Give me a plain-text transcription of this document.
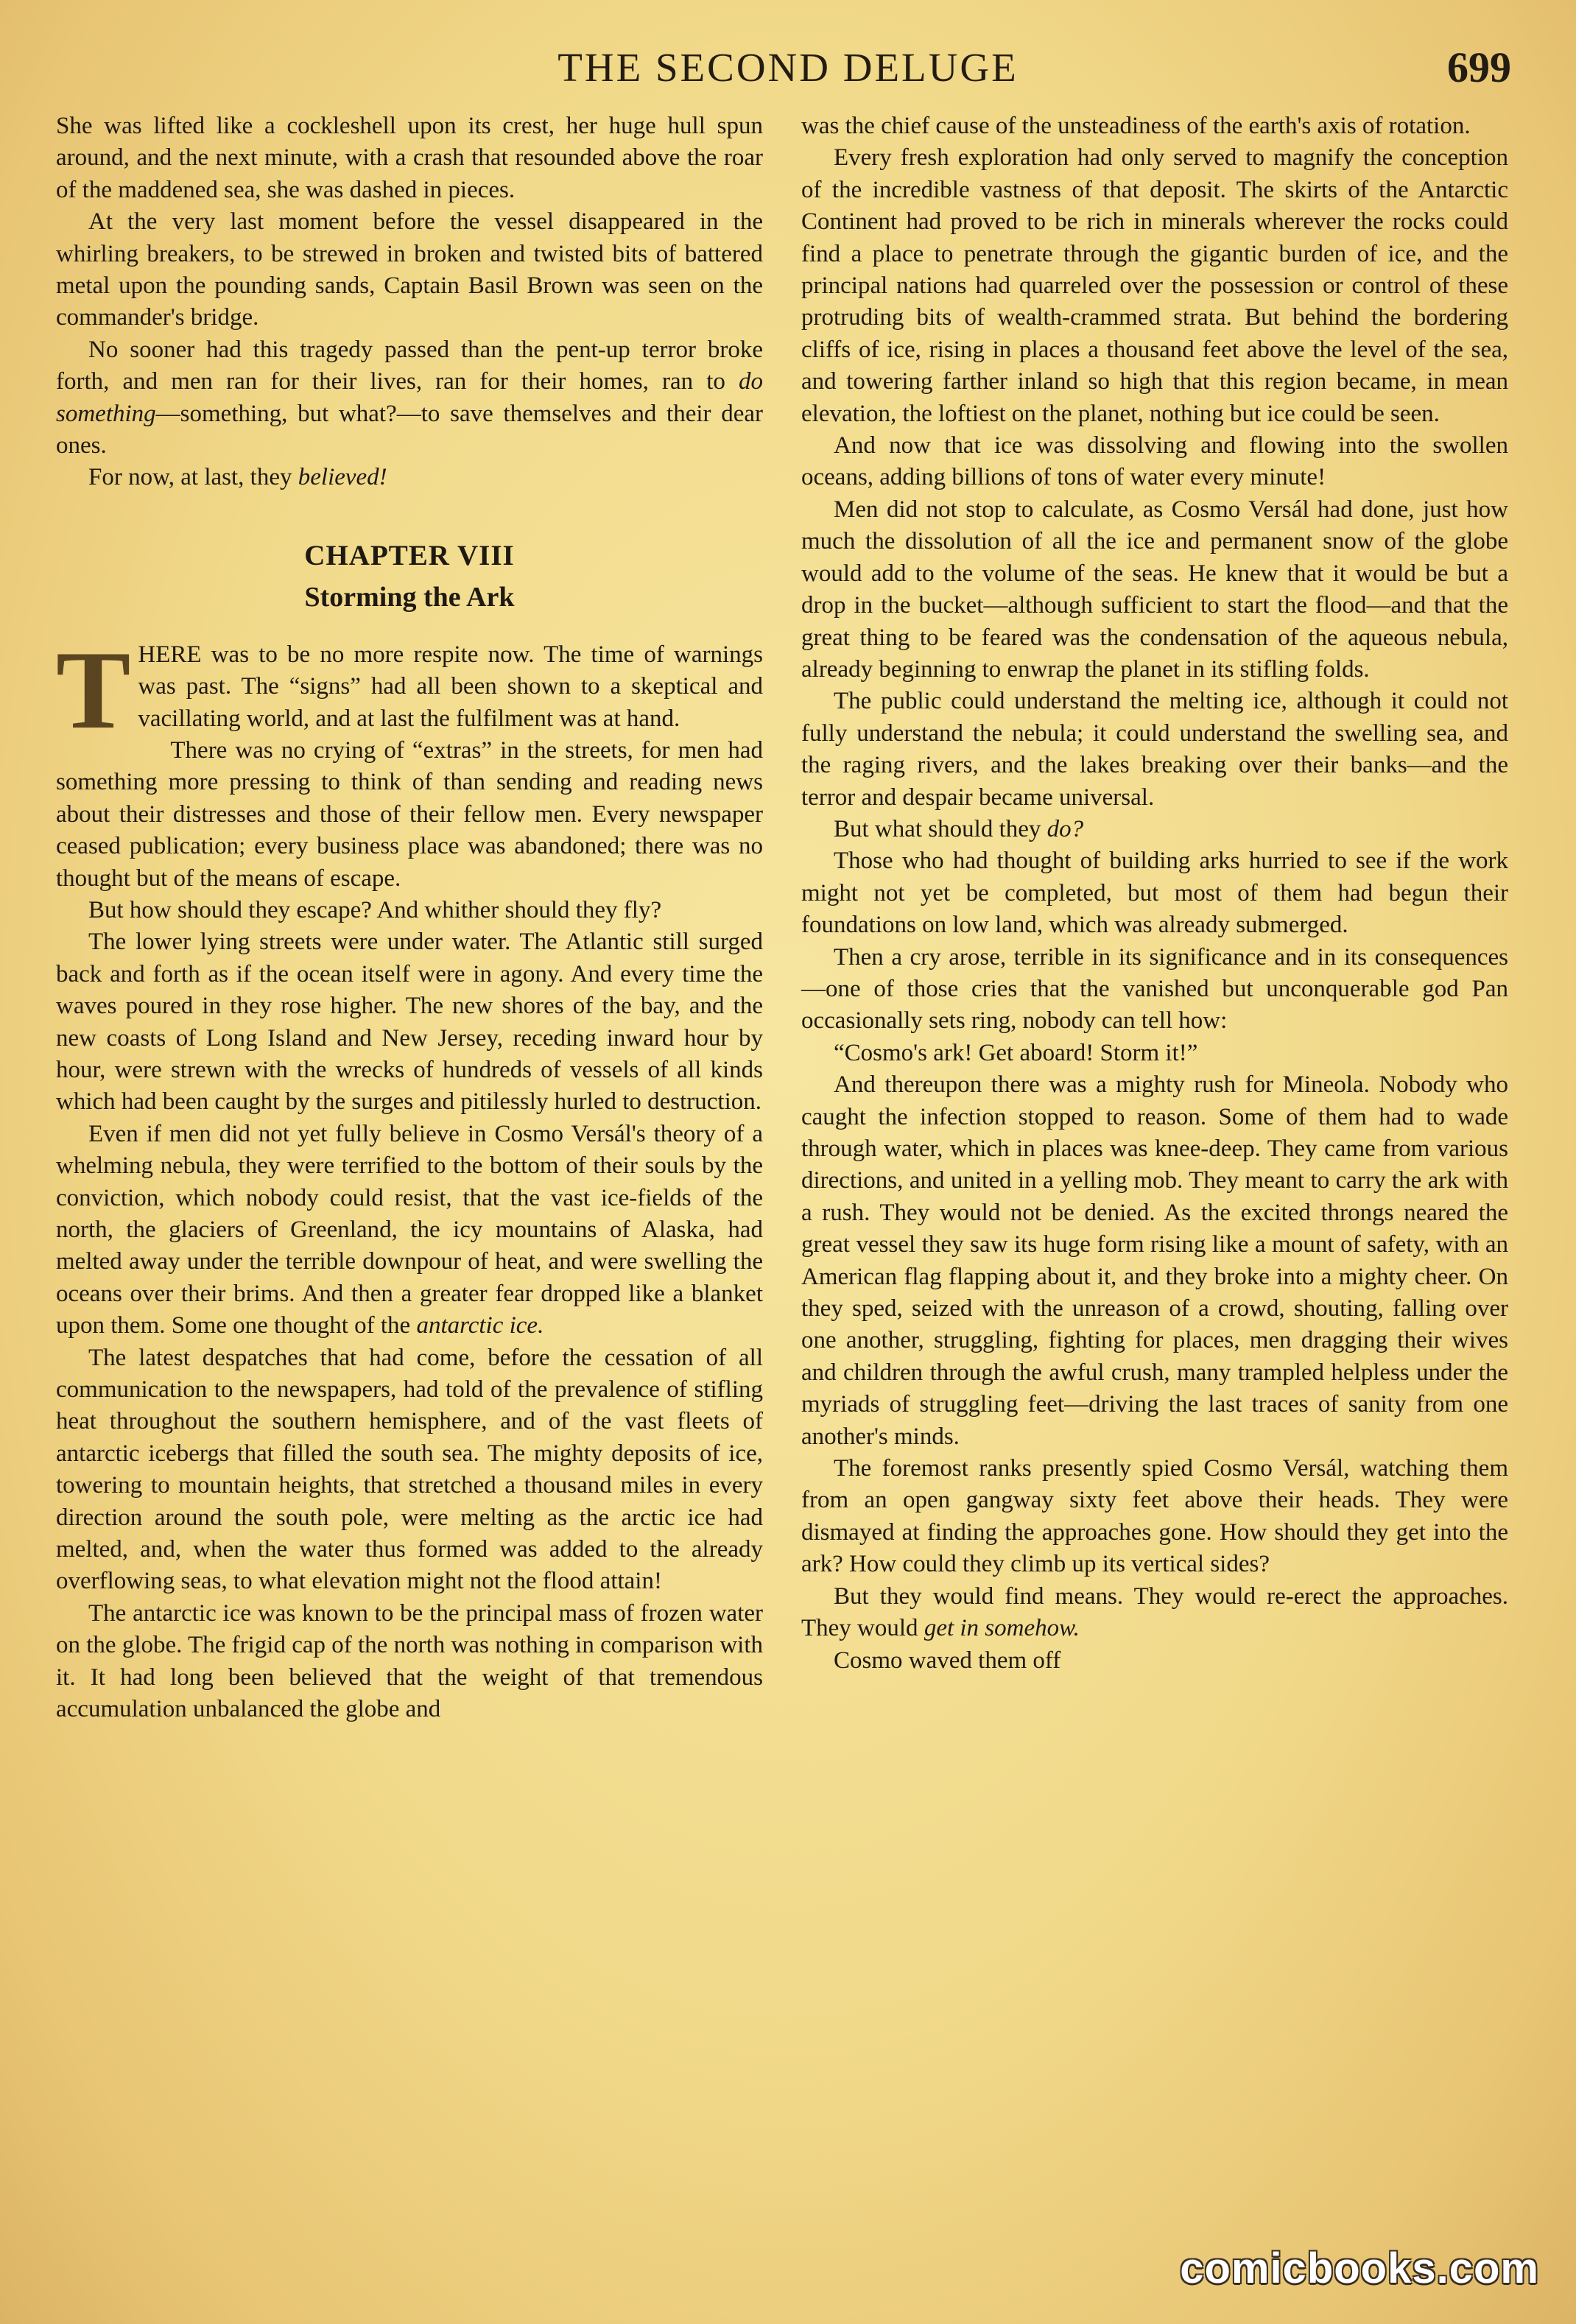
THE SECOND DELUGE	699

She was lifted like a cockleshell upon its crest, her huge hull spun around, and the next minute, with a crash that resounded above the roar of the maddened sea, she was dashed in pieces.

At the very last moment before the vessel disappeared in the whirling breakers, to be strewed in broken and twisted bits of battered metal upon the pounding sands, Captain Basil Brown was seen on the commander's bridge.

No sooner had this tragedy passed than the pent-up terror broke forth, and men ran for their lives, ran for their homes, ran to do something—something, but what?—to save themselves and their dear ones.

For now, at last, they believed!

CHAPTER VIII
Storming the Ark

THERE was to be no more respite now. The time of warnings was past. The “signs” had all been shown to a skeptical and vacillating world, and at last the fulfilment was at hand.

There was no crying of “extras” in the streets, for men had something more pressing to think of than sending and reading news about their distresses and those of their fellow men. Every newspaper ceased publication; every business place was abandoned; there was no thought but of the means of escape.

But how should they escape? And whither should they fly?

The lower lying streets were under water. The Atlantic still surged back and forth as if the ocean itself were in agony. And every time the waves poured in they rose higher. The new shores of the bay, and the new coasts of Long Island and New Jersey, receding inward hour by hour, were strewn with the wrecks of hundreds of vessels of all kinds which had been caught by the surges and pitilessly hurled to destruction.

Even if men did not yet fully believe in Cosmo Versál's theory of a whelming nebula, they were terrified to the bottom of their souls by the conviction, which nobody could resist, that the vast ice-fields of the north, the glaciers of Greenland, the icy mountains of Alaska, had melted away under the terrible downpour of heat, and were swelling the oceans over their brims. And then a greater fear dropped like a blanket upon them. Some one thought of the antarctic ice.

The latest despatches that had come, before the cessation of all communication to the newspapers, had told of the prevalence of stifling heat throughout the southern hemisphere, and of the vast fleets of antarctic icebergs that filled the south sea. The mighty deposits of ice, towering to mountain heights, that stretched a thousand miles in every direction around the south pole, were melting as the arctic ice had melted, and, when the water thus formed was added to the already overflowing seas, to what elevation might not the flood attain!

The antarctic ice was known to be the principal mass of frozen water on the globe. The frigid cap of the north was nothing in comparison with it. It had long been believed that the weight of that tremendous accumulation unbalanced the globe and

was the chief cause of the unsteadiness of the earth's axis of rotation.

Every fresh exploration had only served to magnify the conception of the incredible vastness of that deposit. The skirts of the Antarctic Continent had proved to be rich in minerals wherever the rocks could find a place to penetrate through the gigantic burden of ice, and the principal nations had quarreled over the possession or control of these protruding bits of wealth-crammed strata. But behind the bordering cliffs of ice, rising in places a thousand feet above the level of the sea, and towering farther inland so high that this region became, in mean elevation, the loftiest on the planet, nothing but ice could be seen.

And now that ice was dissolving and flowing into the swollen oceans, adding billions of tons of water every minute!

Men did not stop to calculate, as Cosmo Versál had done, just how much the dissolution of all the ice and permanent snow of the globe would add to the volume of the seas. He knew that it would be but a drop in the bucket—although sufficient to start the flood—and that the great thing to be feared was the condensation of the aqueous nebula, already beginning to enwrap the planet in its stifling folds.

The public could understand the melting ice, although it could not fully understand the nebula; it could understand the swelling sea, and the raging rivers, and the lakes breaking over their banks—and the terror and despair became universal.

But what should they do?

Those who had thought of building arks hurried to see if the work might not yet be completed, but most of them had begun their foundations on low land, which was already submerged.

Then a cry arose, terrible in its significance and in its consequences—one of those cries that the vanished but unconquerable god Pan occasionally sets ring, nobody can tell how:

“Cosmo's ark! Get aboard! Storm it!”

And thereupon there was a mighty rush for Mineola. Nobody who caught the infection stopped to reason. Some of them had to wade through water, which in places was knee-deep. They came from various directions, and united in a yelling mob. They meant to carry the ark with a rush. They would not be denied. As the excited throngs neared the great vessel they saw its huge form rising like a mount of safety, with an American flag flapping about it, and they broke into a mighty cheer. On they sped, seized with the unreason of a crowd, shouting, falling over one another, struggling, fighting for places, men dragging their wives and children through the awful crush, many trampled helpless under the myriads of struggling feet—driving the last traces of sanity from one another's minds.

The foremost ranks presently spied Cosmo Versál, watching them from an open gangway sixty feet above their heads. They were dismayed at finding the approaches gone. How should they get into the ark? How could they climb up its vertical sides?

But they would find means. They would re-erect the approaches. They would get in somehow.

Cosmo waved them off

comicbooks.com
